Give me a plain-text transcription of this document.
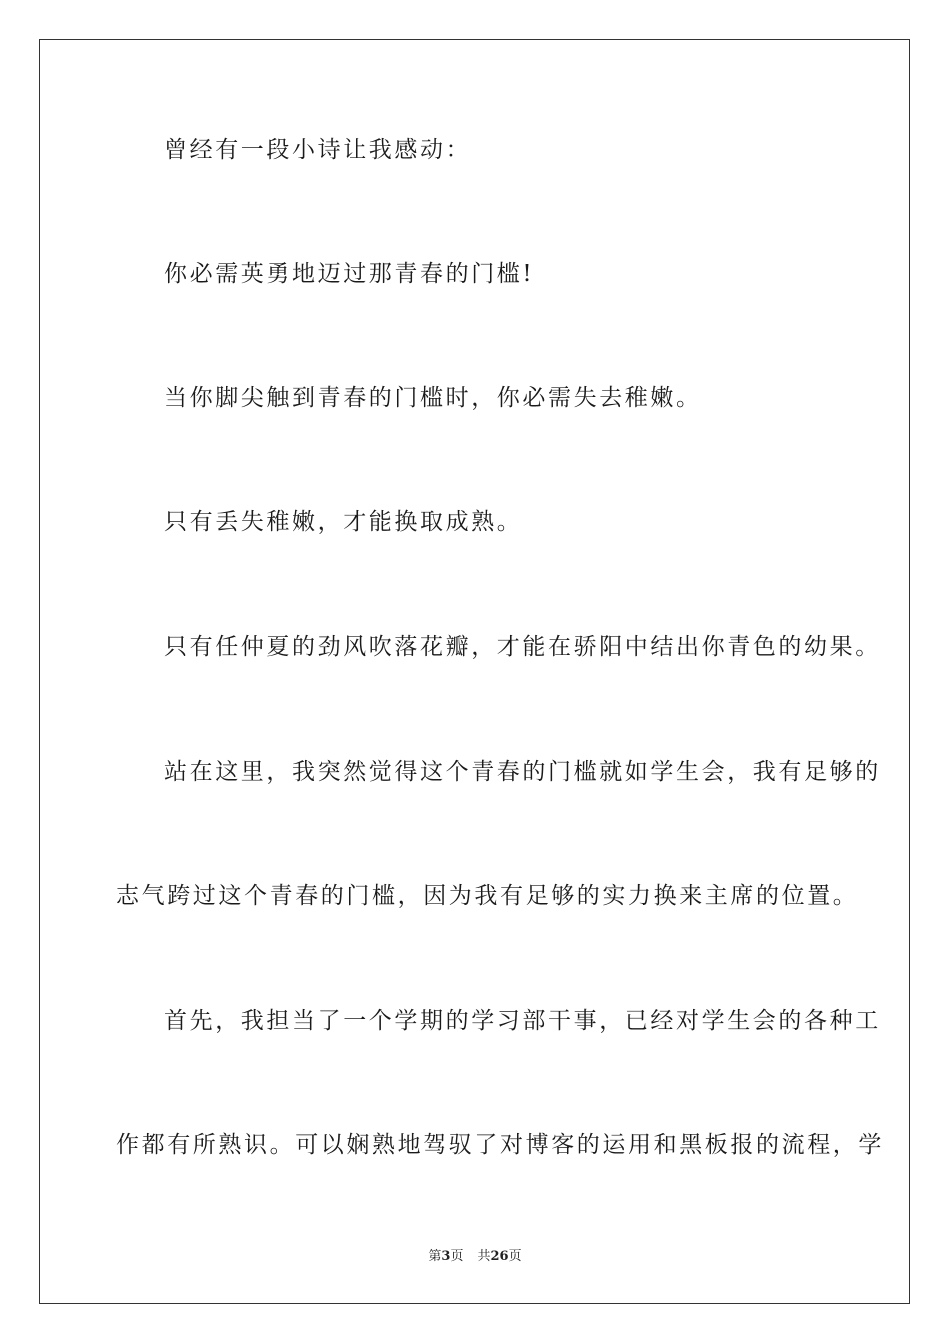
曾经有一段小诗让我感动：
你必需英勇地迈过那青春的门槛!
当你脚尖触到青春的门槛时，你必需失去稚嫩。
只有丢失稚嫩，才能换取成熟。
只有任仲夏的劲风吹落花瓣，才能在骄阳中结出你青色的幼果。
站在这里，我突然觉得这个青春的门槛就如学生会，我有足够的
志气跨过这个青春的门槛，因为我有足够的实力换来主席的位置。
首先，我担当了一个学期的学习部干事，已经对学生会的各种工
作都有所熟识。可以娴熟地驾驭了对博客的运用和黑板报的流程，学
第3页 共26页
